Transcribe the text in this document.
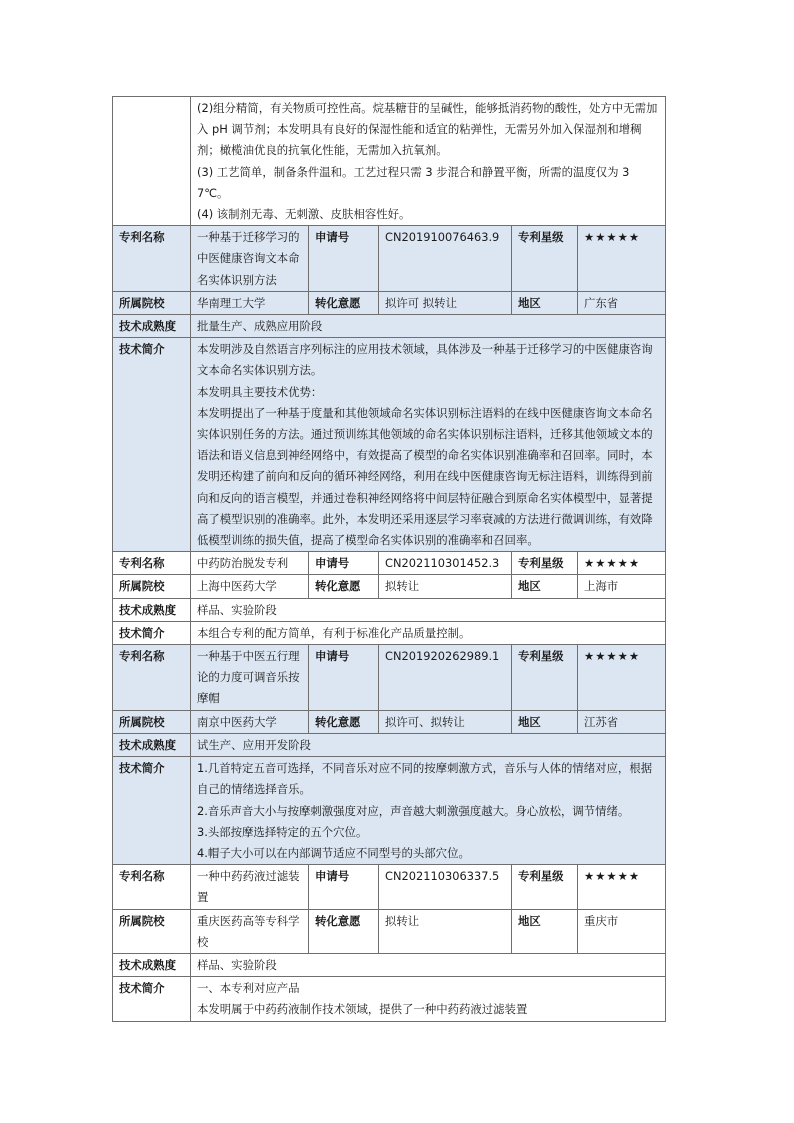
	(2)组分精简，有关物质可控性高。烷基糖苷的呈碱性，能够抵消药物的酸性，处方中无需加入 pH 调节剂；本发明具有良好的保湿性能和适宜的粘弹性，无需另外加入保湿剂和增稠剂；橄榄油优良的抗氧化性能，无需加入抗氧剂。
(3) 工艺简单，制备条件温和。工艺过程只需 3 步混合和静置平衡，所需的温度仅为 37℃。
(4) 该制剂无毒、无刺激、皮肤相容性好。				

专利名称	一种基于迁移学习的中医健康咨询文本命名实体识别方法	申请号	CN201910076463.9	专利星级	★★★★★
所属院校	华南理工大学	转化意愿	拟许可 拟转让	地区	广东省
技术成熟度	批量生产、成熟应用阶段				
技术简介	本发明涉及自然语言序列标注的应用技术领域，具体涉及一种基于迁移学习的中医健康咨询文本命名实体识别方法。
本发明具主要技术优势：
本发明提出了一种基于度量和其他领域命名实体识别标注语料的在线中医健康咨询文本命名实体识别任务的方法。通过预训练其他领域的命名实体识别标注语料，迁移其他领域文本的语法和语义信息到神经网络中，有效提高了模型的命名实体识别准确率和召回率。同时，本发明还构建了前向和反向的循环神经网络，利用在线中医健康咨询无标注语料，训练得到前向和反向的语言模型，并通过卷积神经网络将中间层特征融合到原命名实体模型中，显著提高了模型识别的准确率。此外，本发明还采用逐层学习率衰减的方法进行微调训练，有效降低模型训练的损失值，提高了模型命名实体识别的准确率和召回率。				

专利名称	中药防治脱发专利	申请号	CN202110301452.3	专利星级	★★★★★
所属院校	上海中医药大学	转化意愿	拟转让	地区	上海市
技术成熟度	样品、实验阶段				
技术简介	本组合专利的配方简单，有利于标准化产品质量控制。				

专利名称	一种基于中医五行理论的力度可调音乐按摩帽	申请号	CN201920262989.1	专利星级	★★★★★
所属院校	南京中医药大学	转化意愿	拟许可、拟转让	地区	江苏省
技术成熟度	试生产、应用开发阶段				
技术简介	1.几首特定五音可选择，不同音乐对应不同的按摩刺激方式，音乐与人体的情绪对应，根据自己的情绪选择音乐。
2.音乐声音大小与按摩刺激强度对应，声音越大刺激强度越大。身心放松，调节情绪。
3.头部按摩选择特定的五个穴位。
4.帽子大小可以在内部调节适应不同型号的头部穴位。				

专利名称	一种中药药液过滤装置	申请号	CN202110306337.5	专利星级	★★★★★
所属院校	重庆医药高等专科学校	转化意愿	拟转让	地区	重庆市
技术成熟度	样品、实验阶段				
技术简介	一、本专利对应产品
本发明属于中药药液制作技术领域，提供了一种中药药液过滤装置				
